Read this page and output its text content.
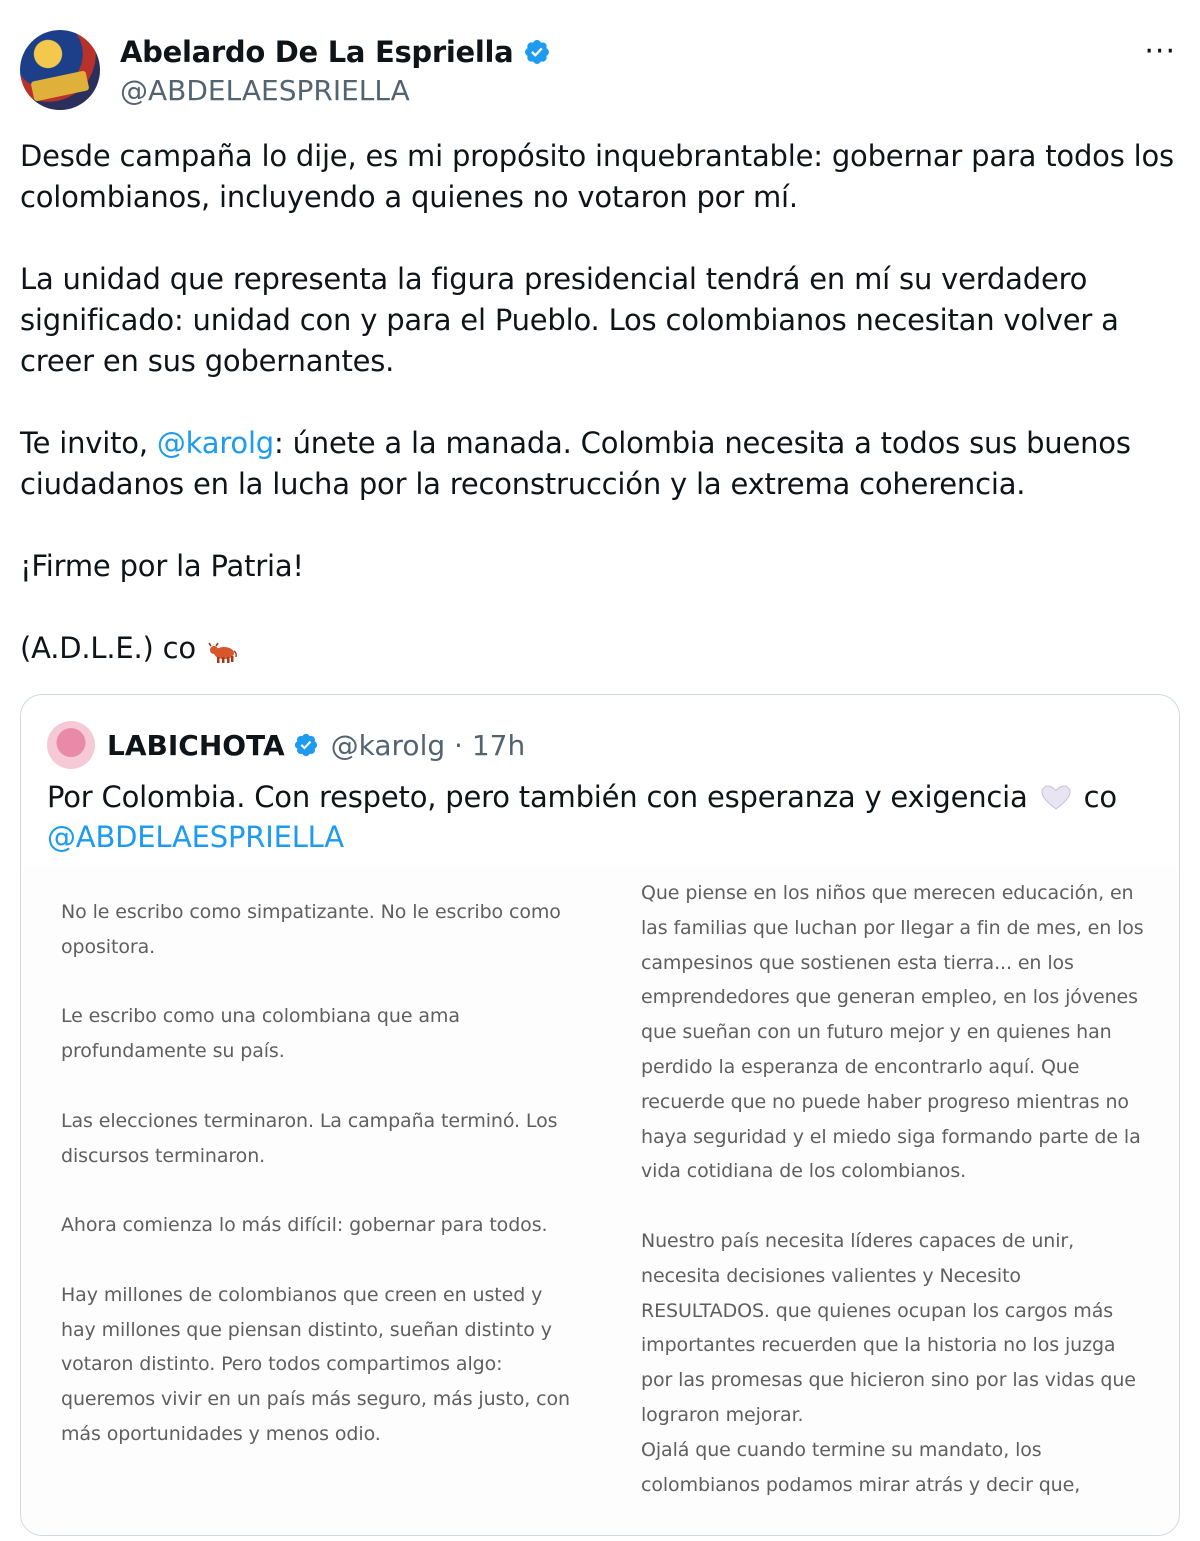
Abelardo De La Espriella
@ABDELAESPRIELLA
···

Desde campaña lo dije, es mi propósito inquebrantable: gobernar para todos los colombianos, incluyendo a quienes no votaron por mí.

La unidad que representa la figura presidencial tendrá en mí su verdadero significado: unidad con y para el Pueblo. Los colombianos necesitan volver a creer en sus gobernantes.

Te invito, @karolg: únete a la manada. Colombia necesita a todos sus buenos ciudadanos en la lucha por la reconstrucción y la extrema coherencia.

¡Firme por la Patria!

(A.D.L.E.) co

LABICHOTA @karolg · 17h
Por Colombia. Con respeto, pero también con esperanza y exigencia co
@ABDELAESPRIELLA

No le escribo como simpatizante. No le escribo como opositora.

Le escribo como una colombiana que ama profundamente su país.

Las elecciones terminaron. La campaña terminó. Los discursos terminaron.

Ahora comienza lo más difícil: gobernar para todos.

Hay millones de colombianos que creen en usted y hay millones que piensan distinto, sueñan distinto y votaron distinto. Pero todos compartimos algo: queremos vivir en un país más seguro, más justo, con más oportunidades y menos odio.

Que piense en los niños que merecen educación, en las familias que luchan por llegar a fin de mes, en los campesinos que sostienen esta tierra... en los emprendedores que generan empleo, en los jóvenes que sueñan con un futuro mejor y en quienes han perdido la esperanza de encontrarlo aquí. Que recuerde que no puede haber progreso mientras no haya seguridad y el miedo siga formando parte de la vida cotidiana de los colombianos.

Nuestro país necesita líderes capaces de unir, necesita decisiones valientes y Necesito RESULTADOS. que quienes ocupan los cargos más importantes recuerden que la historia no los juzga por las promesas que hicieron sino por las vidas que lograron mejorar.

Ojalá que cuando termine su mandato, los colombianos podamos mirar atrás y decir que,
